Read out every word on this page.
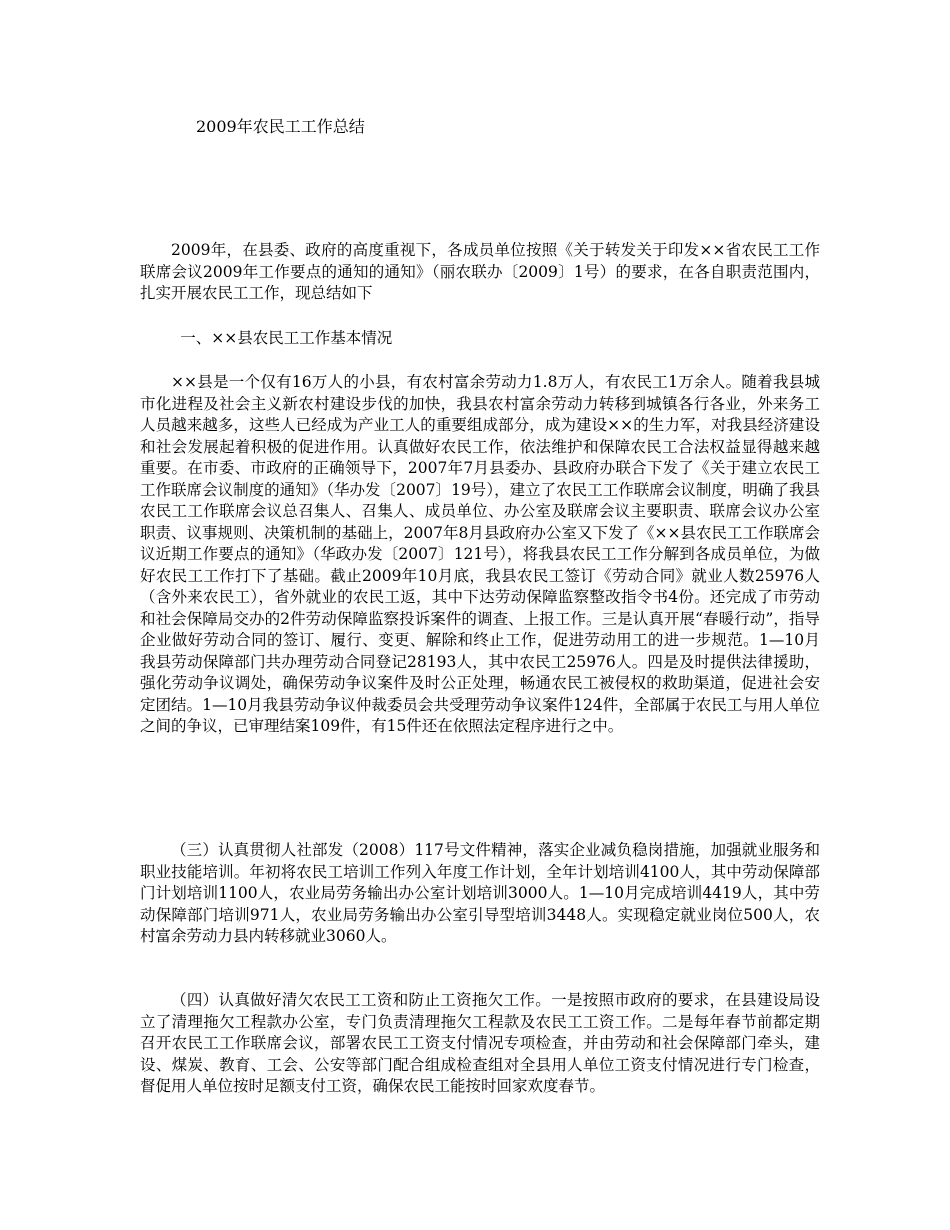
2009年农民工工作总结

2009年，在县委、政府的高度重视下，各成员单位按照《关于转发关于印发××省农民工工作联席会议2009年工作要点的通知的通知》（丽农联办〔2009〕1号）的要求，在各自职责范围内，扎实开展农民工工作，现总结如下

一、××县农民工工作基本情况

××县是一个仅有16万人的小县，有农村富余劳动力1.8万人，有农民工1万余人。随着我县城市化进程及社会主义新农村建设步伐的加快，我县农村富余劳动力转移到城镇各行各业，外来务工人员越来越多，这些人已经成为产业工人的重要组成部分，成为建设××的生力军，对我县经济建设和社会发展起着积极的促进作用。认真做好农民工作，依法维护和保障农民工合法权益显得越来越重要。在市委、市政府的正确领导下，2007年7月县委办、县政府办联合下发了《关于建立农民工工作联席会议制度的通知》（华办发〔2007〕19号），建立了农民工工作联席会议制度，明确了我县农民工工作联席会议总召集人、召集人、成员单位、办公室及联席会议主要职责、联席会议办公室职责、议事规则、决策机制的基础上，2007年8月县政府办公室又下发了《××县农民工工作联席会议近期工作要点的通知》（华政办发〔2007〕121号），将我县农民工工作分解到各成员单位，为做好农民工工作打下了基础。截止2009年10月底，我县农民工签订《劳动合同》就业人数25976人（含外来农民工），省外就业的农民工返，其中下达劳动保障监察整改指令书4份。还完成了市劳动和社会保障局交办的2件劳动保障监察投诉案件的调查、上报工作。三是认真开展“春暖行动”，指导企业做好劳动合同的签订、履行、变更、解除和终止工作，促进劳动用工的进一步规范。1—10月我县劳动保障部门共办理劳动合同登记28193人，其中农民工25976人。四是及时提供法律援助，强化劳动争议调处，确保劳动争议案件及时公正处理，畅通农民工被侵权的救助渠道，促进社会安定团结。1—10月我县劳动争议仲裁委员会共受理劳动争议案件124件，全部属于农民工与用人单位之间的争议，已审理结案109件，有15件还在依照法定程序进行之中。

（三）认真贯彻人社部发（2008）117号文件精神，落实企业减负稳岗措施，加强就业服务和职业技能培训。年初将农民工培训工作列入年度工作计划，全年计划培训4100人，其中劳动保障部门计划培训1100人，农业局劳务输出办公室计划培训3000人。1—10月完成培训4419人，其中劳动保障部门培训971人，农业局劳务输出办公室引导型培训3448人。实现稳定就业岗位500人，农村富余劳动力县内转移就业3060人。

（四）认真做好清欠农民工工资和防止工资拖欠工作。一是按照市政府的要求，在县建设局设立了清理拖欠工程款办公室，专门负责清理拖欠工程款及农民工工资工作。二是每年春节前都定期召开农民工工作联席会议，部署农民工工资支付情况专项检查，并由劳动和社会保障部门牵头，建设、煤炭、教育、工会、公安等部门配合组成检查组对全县用人单位工资支付情况进行专门检查，督促用人单位按时足额支付工资，确保农民工能按时回家欢度春节。
